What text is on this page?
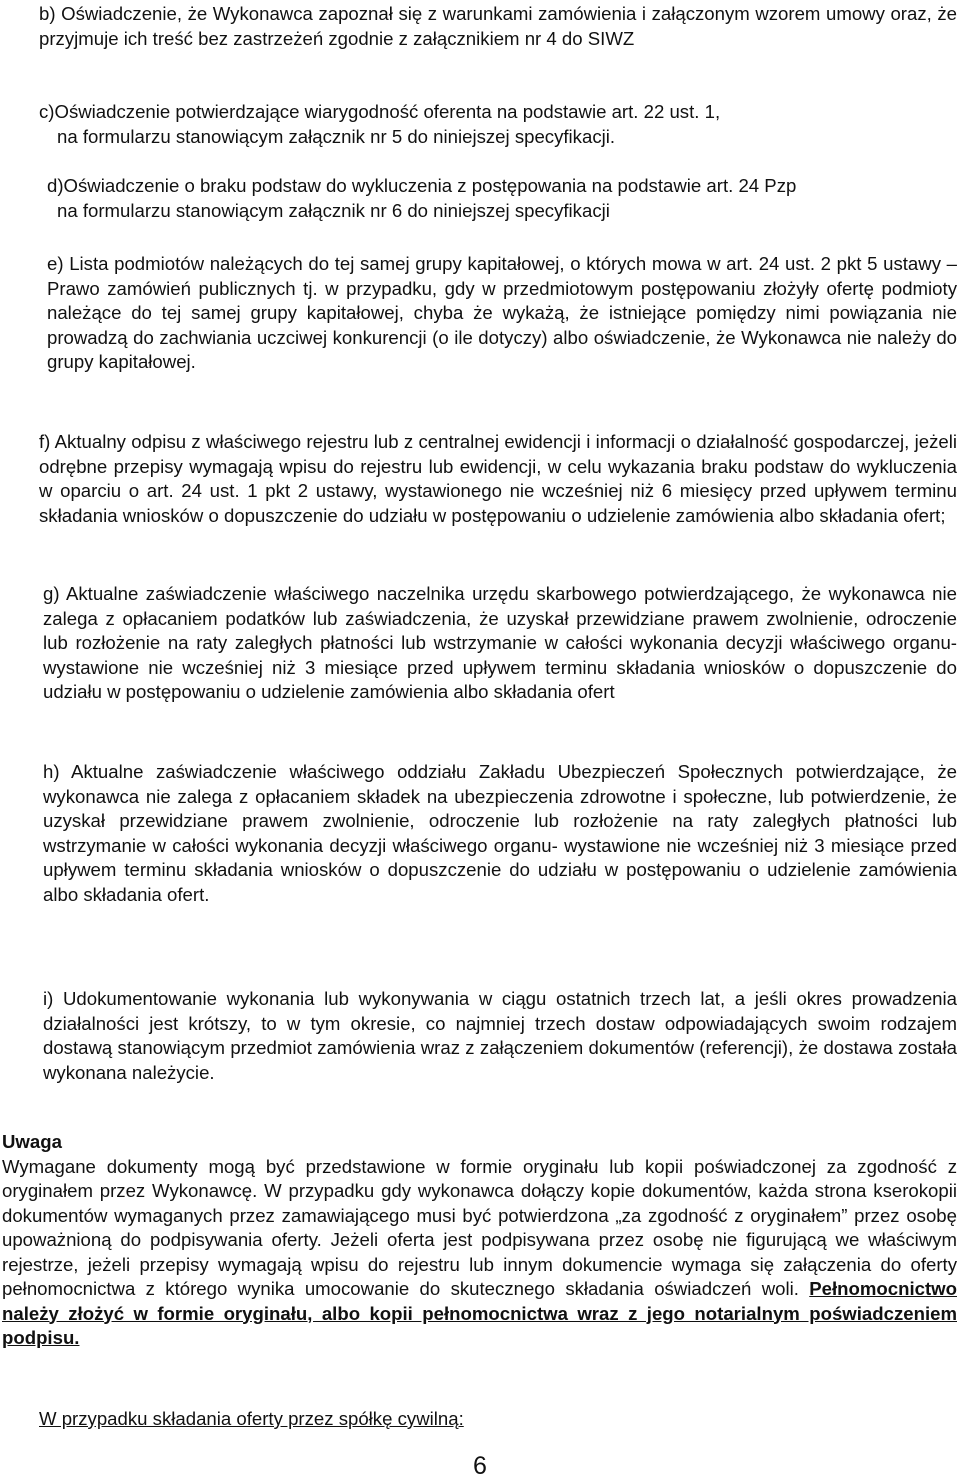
b) Oświadczenie, że Wykonawca zapoznał się z warunkami zamówienia i załączonym wzorem umowy oraz, że przyjmuje ich treść bez zastrzeżeń zgodnie z załącznikiem nr 4 do SIWZ

c)Oświadczenie potwierdzające wiarygodność oferenta na podstawie art. 22 ust. 1,
na formularzu stanowiącym załącznik nr 5 do niniejszej specyfikacji.

d)Oświadczenie o braku podstaw do wykluczenia z postępowania na podstawie art. 24 Pzp
na formularzu stanowiącym załącznik nr 6 do niniejszej specyfikacji

e) Lista podmiotów należących do tej samej grupy kapitałowej, o których mowa w art. 24 ust. 2 pkt 5 ustawy – Prawo zamówień publicznych tj. w przypadku, gdy w przedmiotowym postępowaniu złożyły ofertę podmioty należące do tej samej grupy kapitałowej, chyba że wykażą, że istniejące pomiędzy nimi powiązania nie prowadzą do zachwiania uczciwej konkurencji (o ile dotyczy) albo oświadczenie, że Wykonawca nie należy do grupy kapitałowej.

f) Aktualny odpisu z właściwego rejestru lub z centralnej ewidencji i informacji o działalność gospodarczej, jeżeli odrębne przepisy wymagają wpisu do rejestru lub ewidencji, w celu wykazania braku podstaw do wykluczenia w oparciu o art. 24 ust. 1 pkt 2 ustawy, wystawionego nie wcześniej niż 6 miesięcy przed upływem terminu składania wniosków o dopuszczenie do udziału w postępowaniu o udzielenie zamówienia albo składania ofert;

g) Aktualne zaświadczenie właściwego naczelnika urzędu skarbowego potwierdzającego, że wykonawca nie zalega z opłacaniem podatków lub zaświadczenia, że uzyskał przewidziane prawem zwolnienie, odroczenie lub rozłożenie na raty zaległych płatności lub wstrzymanie w całości wykonania decyzji właściwego organu- wystawione nie wcześniej niż 3 miesiące przed upływem terminu składania wniosków o dopuszczenie do udziału w postępowaniu o udzielenie zamówienia albo składania ofert

h) Aktualne zaświadczenie właściwego oddziału Zakładu Ubezpieczeń Społecznych potwierdzające, że wykonawca nie zalega z opłacaniem składek na ubezpieczenia zdrowotne i społeczne, lub potwierdzenie, że uzyskał przewidziane prawem zwolnienie, odroczenie lub rozłożenie na raty zaległych płatności lub wstrzymanie w całości wykonania decyzji właściwego organu- wystawione nie wcześniej niż 3 miesiące przed upływem terminu składania wniosków o dopuszczenie do udziału w postępowaniu o udzielenie zamówienia albo składania ofert.

i) Udokumentowanie wykonania lub wykonywania w ciągu ostatnich trzech lat, a jeśli okres prowadzenia działalności jest krótszy, to w tym okresie, co najmniej trzech dostaw odpowiadających swoim rodzajem dostawą stanowiącym przedmiot zamówienia wraz z załączeniem dokumentów (referencji), że dostawa została wykonana należycie.

Uwaga
Wymagane dokumenty mogą być przedstawione w formie oryginału lub kopii poświadczonej za zgodność z oryginałem przez Wykonawcę. W przypadku gdy wykonawca dołączy kopie dokumentów, każda strona kserokopii dokumentów wymaganych przez zamawiającego musi być potwierdzona „za zgodność z oryginałem” przez osobę upoważnioną do podpisywania oferty. Jeżeli oferta jest podpisywana przez osobę nie figurującą we właściwym rejestrze, jeżeli przepisy wymagają wpisu do rejestru lub innym dokumencie wymaga się załączenia do oferty pełnomocnictwa z którego wynika umocowanie do skutecznego składania oświadczeń woli. Pełnomocnictwo należy złożyć w formie oryginału, albo kopii pełnomocnictwa wraz z jego notarialnym poświadczeniem podpisu.

W przypadku składania oferty przez spółkę cywilną:

6
